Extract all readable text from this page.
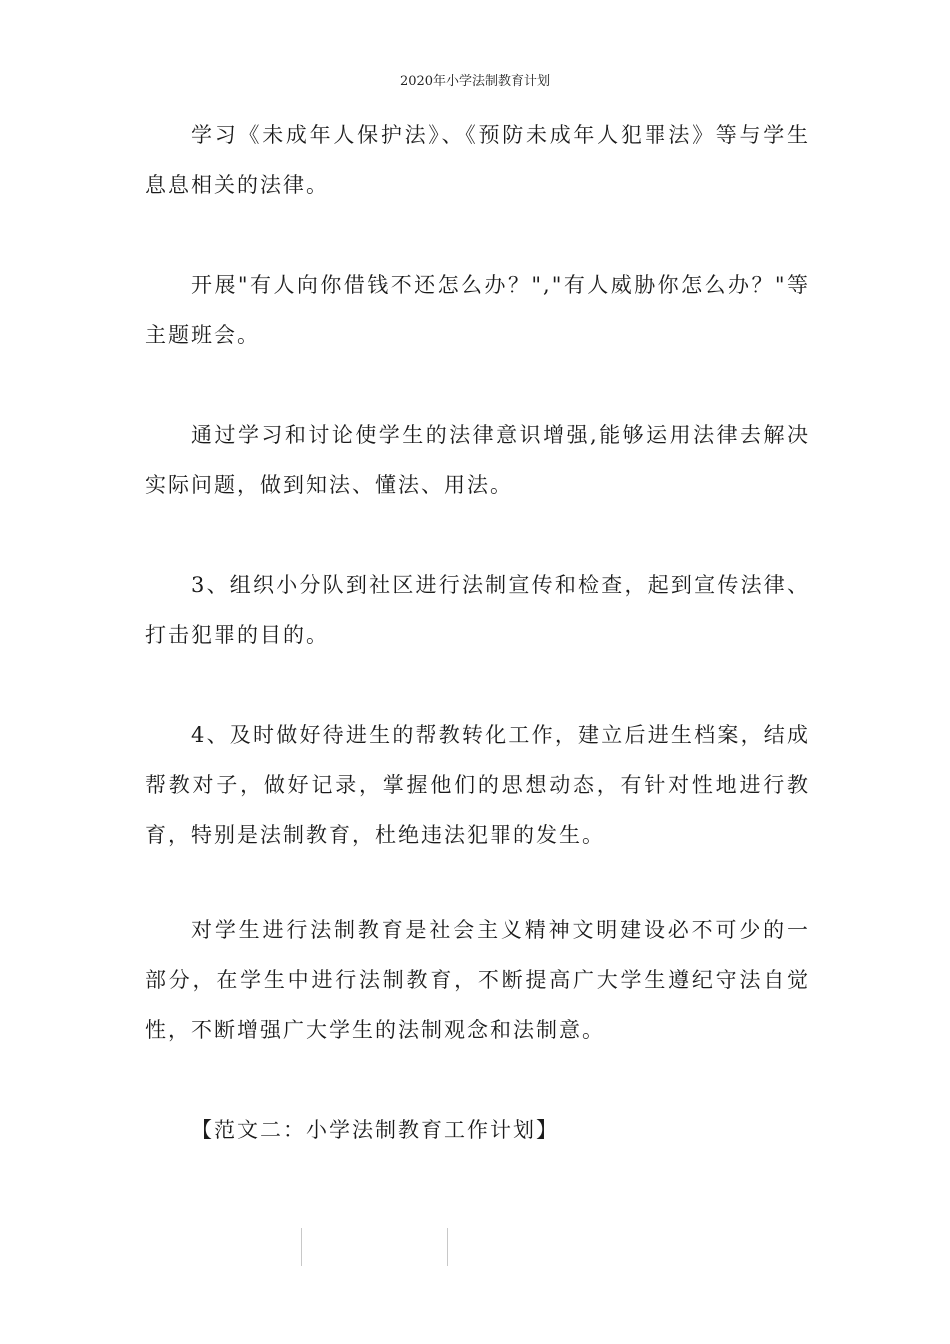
2020年小学法制教育计划

学习《未成年人保护法》、《预防未成年人犯罪法》等与学生息息相关的法律。

开展"有人向你借钱不还怎么办？","有人威胁你怎么办？"等主题班会。

通过学习和讨论使学生的法律意识增强,能够运用法律去解决实际问题，做到知法、懂法、用法。

3、组织小分队到社区进行法制宣传和检查，起到宣传法律、打击犯罪的目的。

4、及时做好待进生的帮教转化工作，建立后进生档案，结成帮教对子，做好记录，掌握他们的思想动态，有针对性地进行教育，特别是法制教育，杜绝违法犯罪的发生。

对学生进行法制教育是社会主义精神文明建设必不可少的一部分，在学生中进行法制教育，不断提高广大学生遵纪守法自觉性，不断增强广大学生的法制观念和法制意。

【范文二：小学法制教育工作计划】
